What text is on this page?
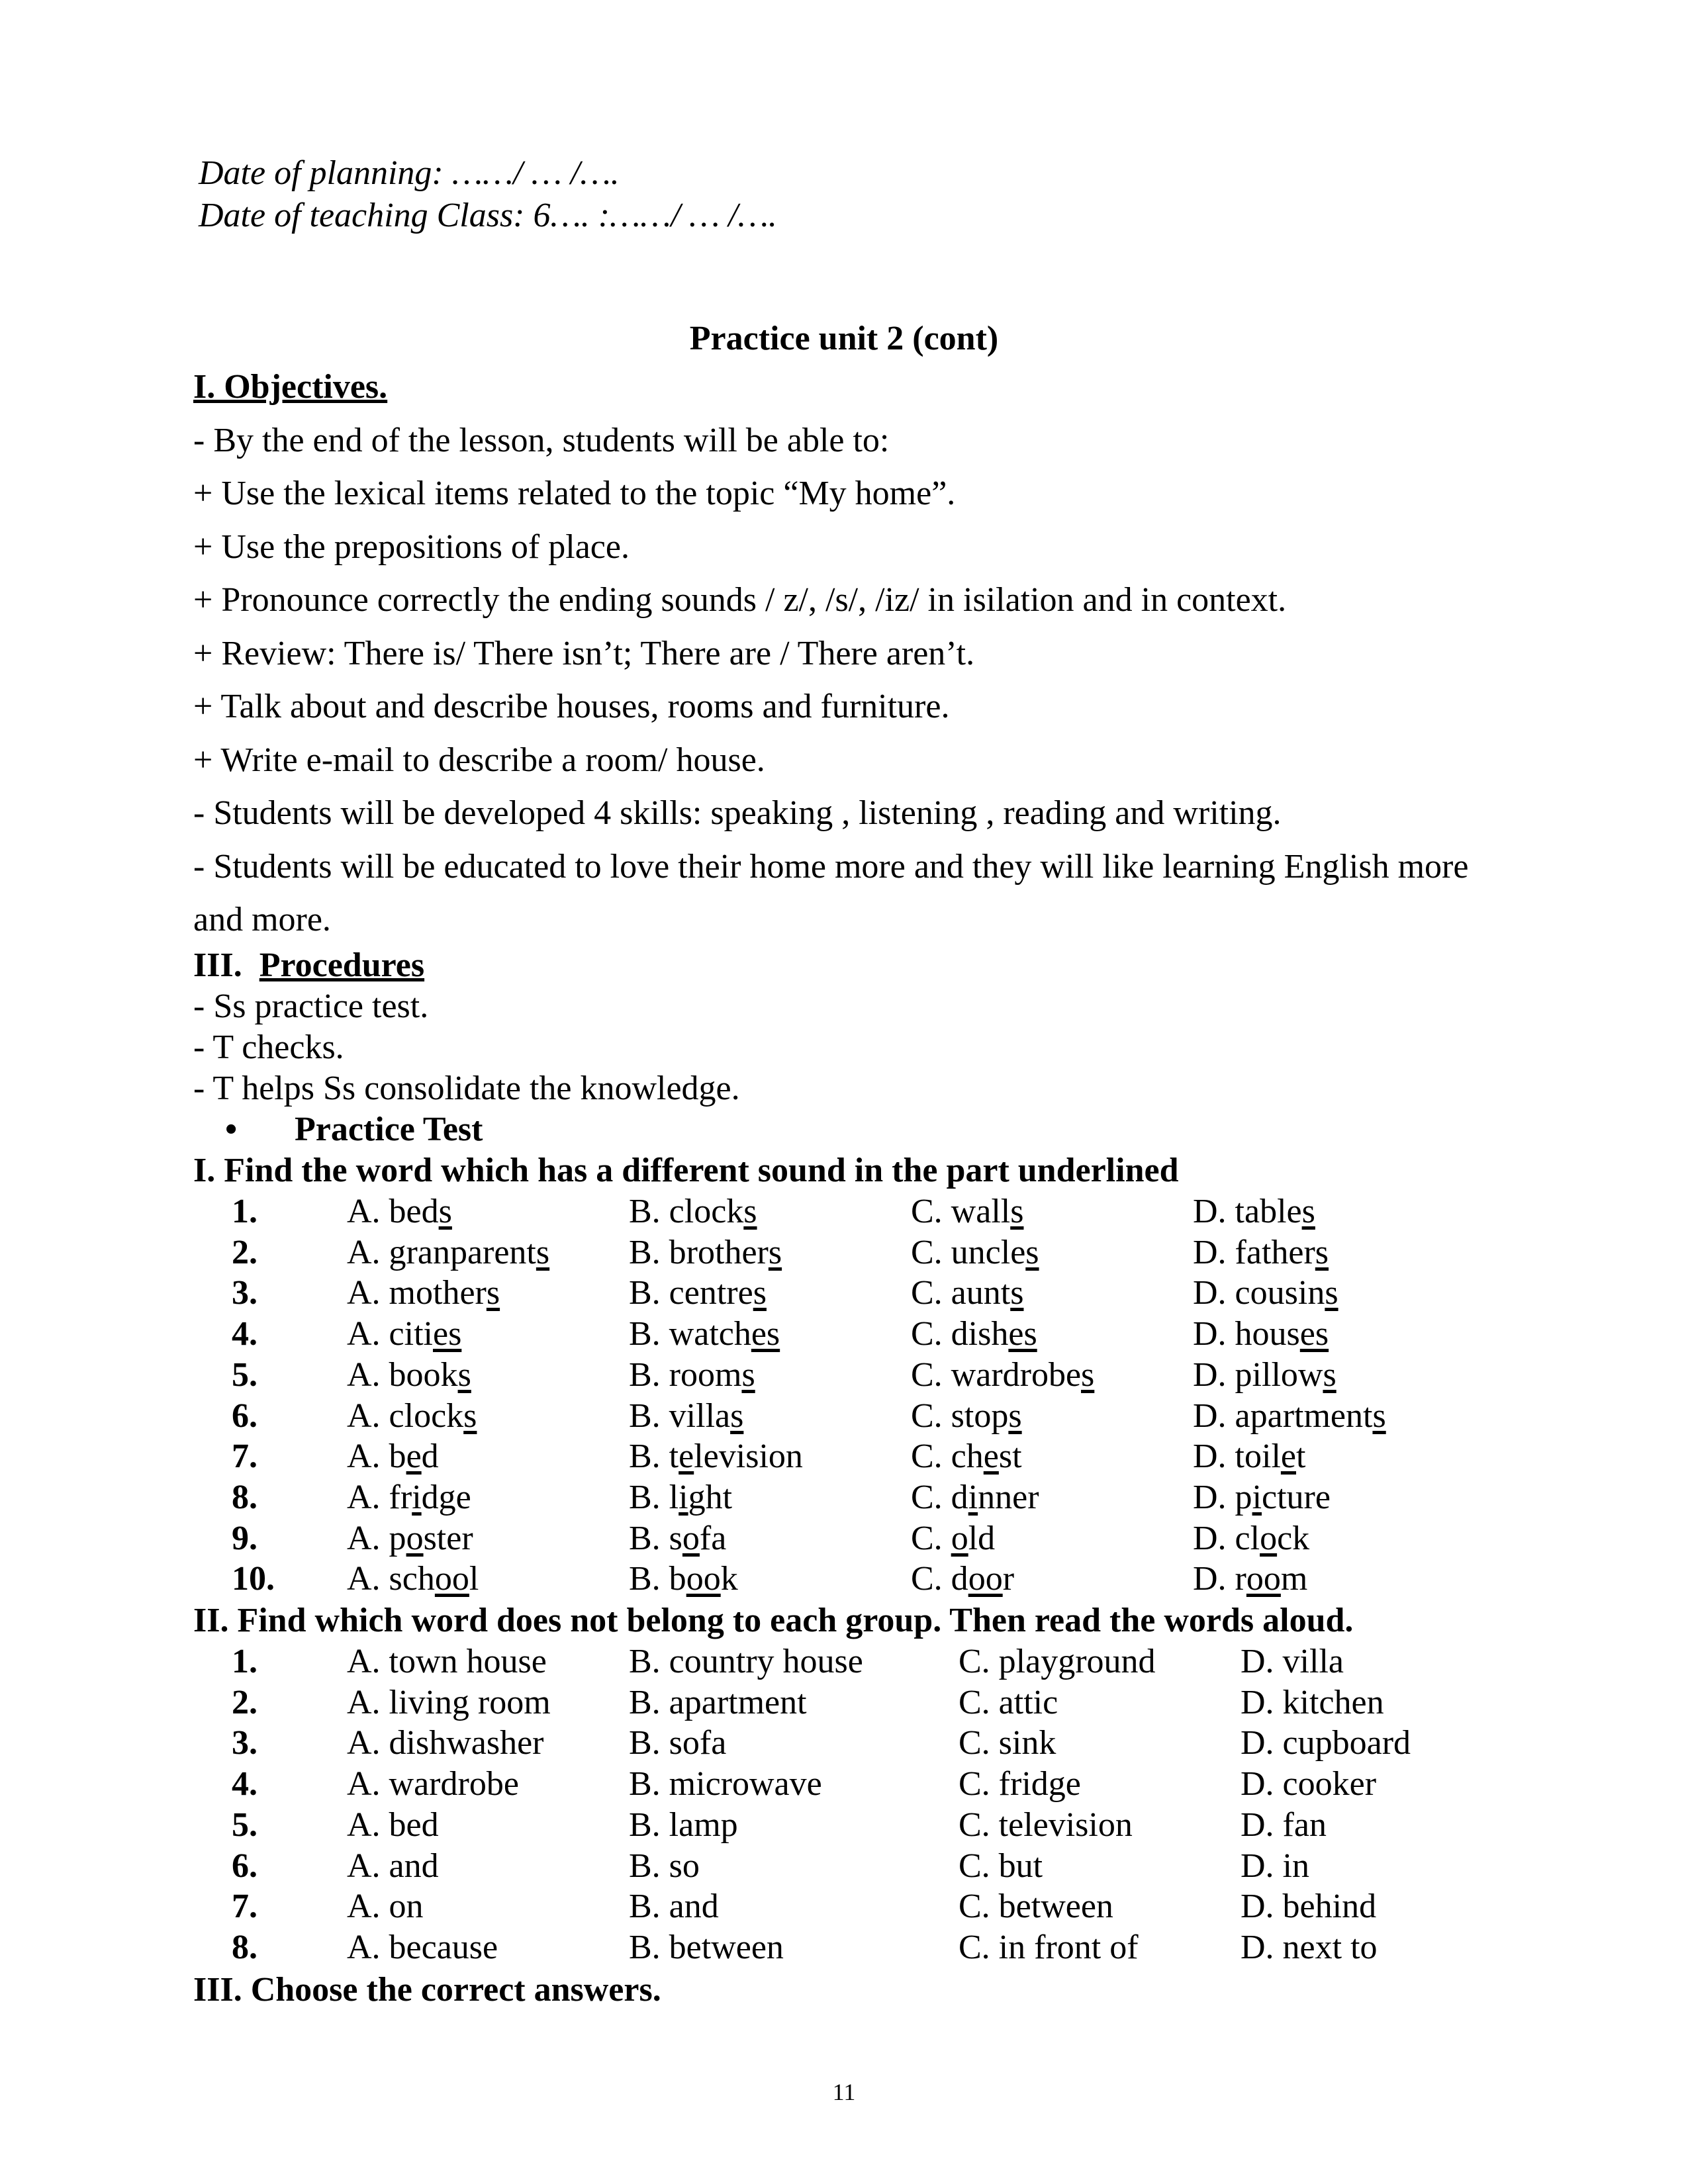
Date of planning: ……/ … /….
Date of teaching Class: 6…. :……/ … /….
Practice unit 2 (cont)
I. Objectives.
- By the end of the lesson, students will be able to:
+ Use the lexical items related to the topic “My home”.
+ Use the prepositions of place.
+ Pronounce correctly the ending sounds / z/, /s/, /iz/ in isilation and in context.
+ Review: There is/ There isn’t; There are / There aren’t.
+ Talk about and describe houses, rooms and furniture.
+ Write e-mail to describe a room/ house.
- Students will be developed 4 skills: speaking , listening , reading and writing.
- Students will be educated to love their home more and they will like learning English more
and more.
III. Procedures
- Ss practice test.
- T checks.
- T helps Ss consolidate the knowledge.
• Practice Test
I. Find the word which has a different sound in the part underlined
1.	A. beds	B. clocks	C. walls	D. tables
2.	A. granparents B. brothers	C. uncles	D. fathers
3.	A. mothers	B. centres	C. aunts	D. cousins
4.	A. cities	B. watches	C. dishes	D. houses
5.	A. books	B. rooms	C. wardrobes	D. pillows
6.	A. clocks	B. villas	C. stops	D. apartments
7.	A. bed	B. television	C. chest	D. toilet
8.	A. fridge	B. light	C. dinner	D. picture
9.	A. poster	B. sofa	C. old	D. clock
10. A. school	B. book	C. door	D. room
II. Find which word does not belong to each group. Then read the words aloud.
1.	A. town house B. country house	C. playground D. villa
2.	A. living room B. apartment	C. attic	D. kitchen
3.	A. dishwasher B. sofa	C. sink	D. cupboard
4.	A. wardrobe	B. microwave	C. fridge	D. cooker
5.	A. bed	B. lamp	C. television	D. fan
6.	A. and	B. so	C. but	D. in
7.	A. on	B. and	C. between	D. behind
8.	A. because	B. between	C. in front of	D. next to
III. Choose the correct answers.
11
